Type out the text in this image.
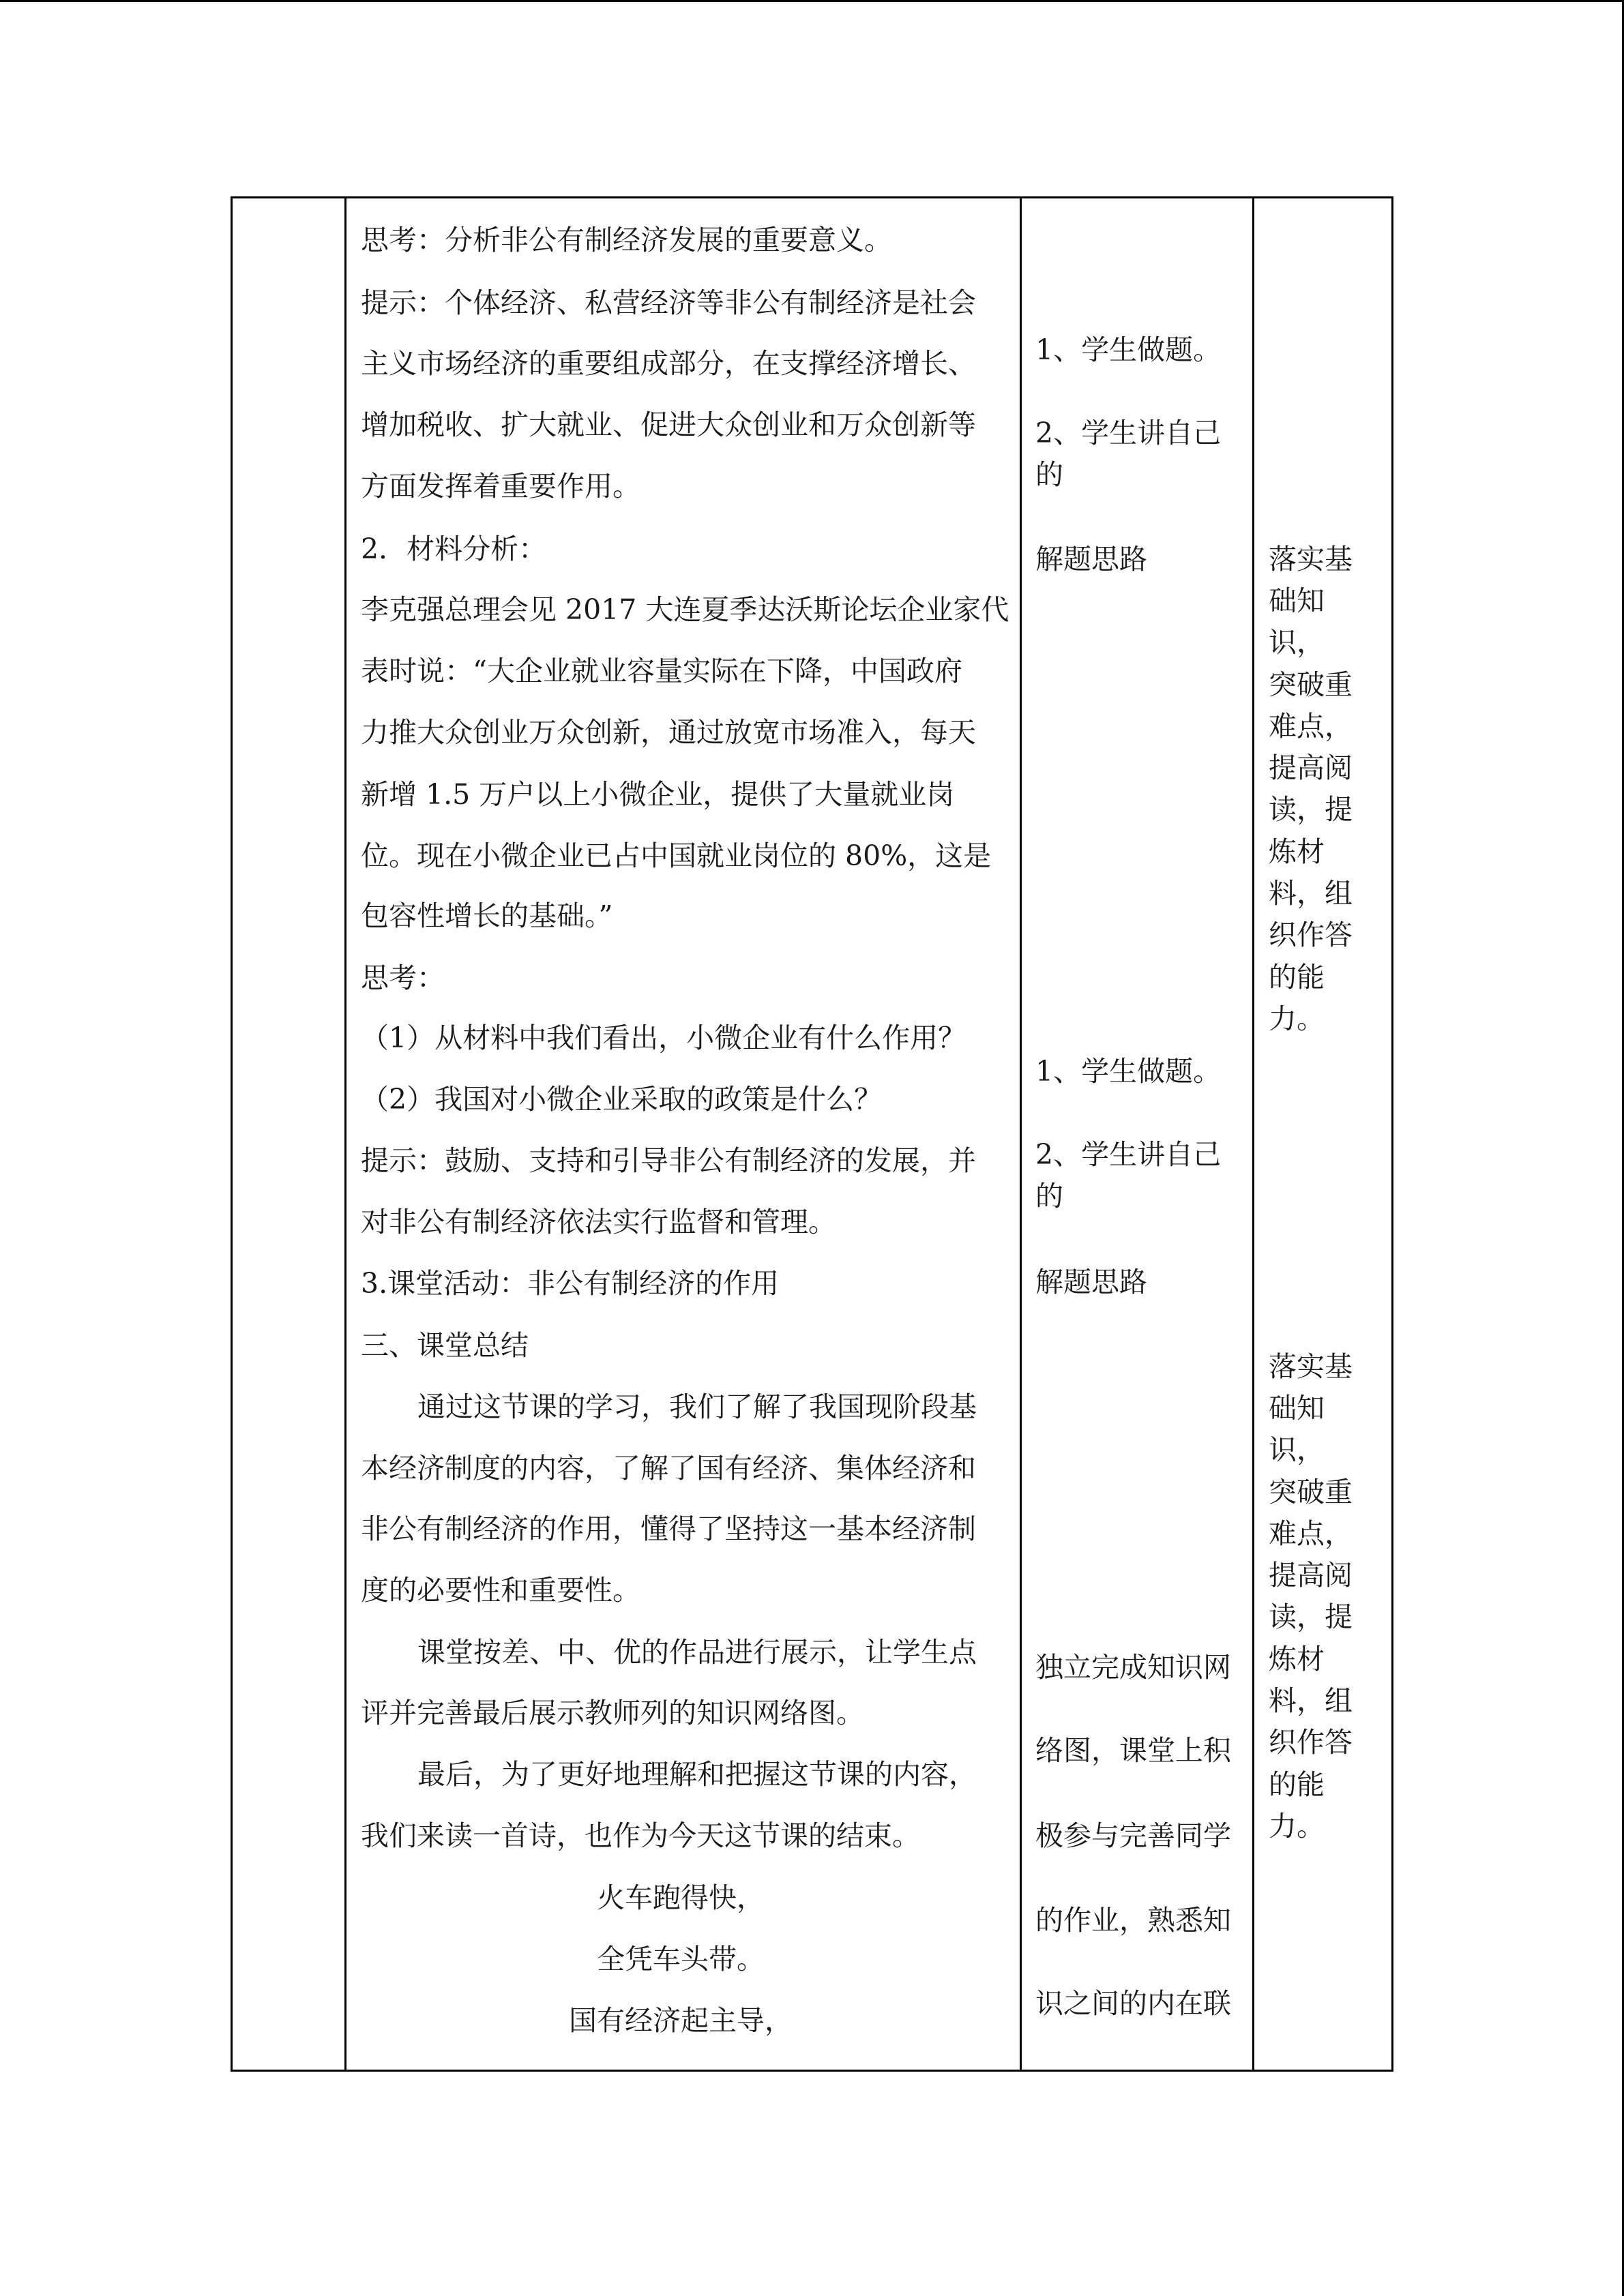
思考：分析非公有制经济发展的重要意义。
提示：个体经济、私营经济等非公有制经济是社会
主义市场经济的重要组成部分，在支撑经济增长、
增加税收、扩大就业、促进大众创业和万众创新等
方面发挥着重要作用。
2．材料分析：
李克强总理会见 2017 大连夏季达沃斯论坛企业家代
表时说：“大企业就业容量实际在下降，中国政府
力推大众创业万众创新，通过放宽市场准入，每天
新增 1.5 万户以上小微企业，提供了大量就业岗
位。现在小微企业已占中国就业岗位的 80%，这是
包容性增长的基础。”
思考：
（1）从材料中我们看出，小微企业有什么作用？
（2）我国对小微企业采取的政策是什么？
提示：鼓励、支持和引导非公有制经济的发展，并
对非公有制经济依法实行监督和管理。
3.课堂活动：非公有制经济的作用
三、课堂总结
通过这节课的学习，我们了解了我国现阶段基
本经济制度的内容，了解了国有经济、集体经济和
非公有制经济的作用，懂得了坚持这一基本经济制
度的必要性和重要性。
课堂按差、中、优的作品进行展示，让学生点
评并完善最后展示教师列的知识网络图。
最后，为了更好地理解和把握这节课的内容，
我们来读一首诗，也作为今天这节课的结束。
火车跑得快，
全凭车头带。
国有经济起主导，
1、学生做题。
2、学生讲自己
的
解题思路
1、学生做题。
2、学生讲自己
的
解题思路
独立完成知识网
络图，课堂上积
极参与完善同学
的作业，熟悉知
识之间的内在联
落实基
础知
识，
突破重
难点，
提高阅
读，提
炼材
料，组
织作答
的能
力。
落实基
础知
识，
突破重
难点，
提高阅
读，提
炼材
料，组
织作答
的能
力。
